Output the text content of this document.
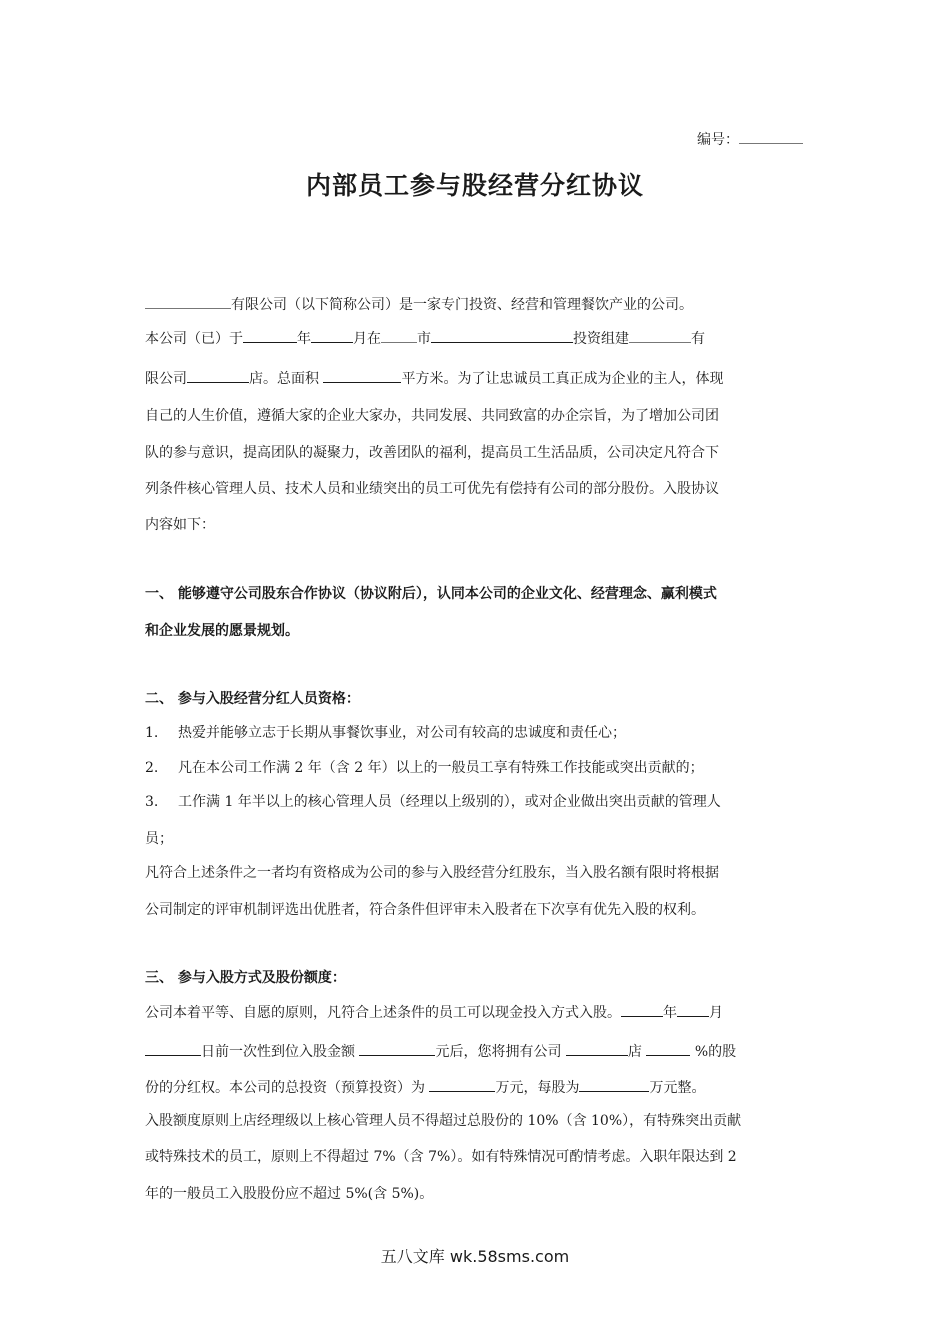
编号：
内部员工参与股经营分红协议
有限公司（以下简称公司）是一家专门投资、经营和管理餐饮产业的公司。
本公司（已）于	年	月在	市	投资组建	有
限公司	店。总面积	平方米。为了让忠诚员工真正成为企业的主人，体现
自己的人生价值，遵循大家的企业大家办，共同发展、共同致富的办企宗旨，为了增加公司团
队的参与意识，提高团队的凝聚力，改善团队的福利，提高员工生活品质，公司决定凡符合下
列条件核心管理人员、技术人员和业绩突出的员工可优先有偿持有公司的部分股份。入股协议
内容如下：
一、 能够遵守公司股东合作协议（协议附后），认同本公司的企业文化、经营理念、赢利模式
和企业发展的愿景规划。
二、 参与入股经营分红人员资格：
1. 热爱并能够立志于长期从事餐饮事业，对公司有较高的忠诚度和责任心；
2. 凡在本公司工作满 2 年（含 2 年）以上的一般员工享有特殊工作技能或突出贡献的；
3. 工作满 1 年半以上的核心管理人员（经理以上级别的），或对企业做出突出贡献的管理人
员；
凡符合上述条件之一者均有资格成为公司的参与入股经营分红股东，当入股名额有限时将根据
公司制定的评审机制评选出优胜者，符合条件但评审未入股者在下次享有优先入股的权利。
三、 参与入股方式及股份额度：
公司本着平等、自愿的原则，凡符合上述条件的员工可以现金投入方式入股。	年 月
日前一次性到位入股金额	元后，您将拥有公司	店	%的股
份的分红权。本公司的总投资（预算投资）为	万元，每股为	万元整。
入股额度原则上店经理级以上核心管理人员不得超过总股份的 10%（含 10%），有特殊突出贡献
或特殊技术的员工，原则上不得超过 7%（含 7%）。如有特殊情况可酌情考虑。入职年限达到 2
年的一般员工入股股份应不超过 5%(含 5%)。
五八文库 wk.58sms.com
